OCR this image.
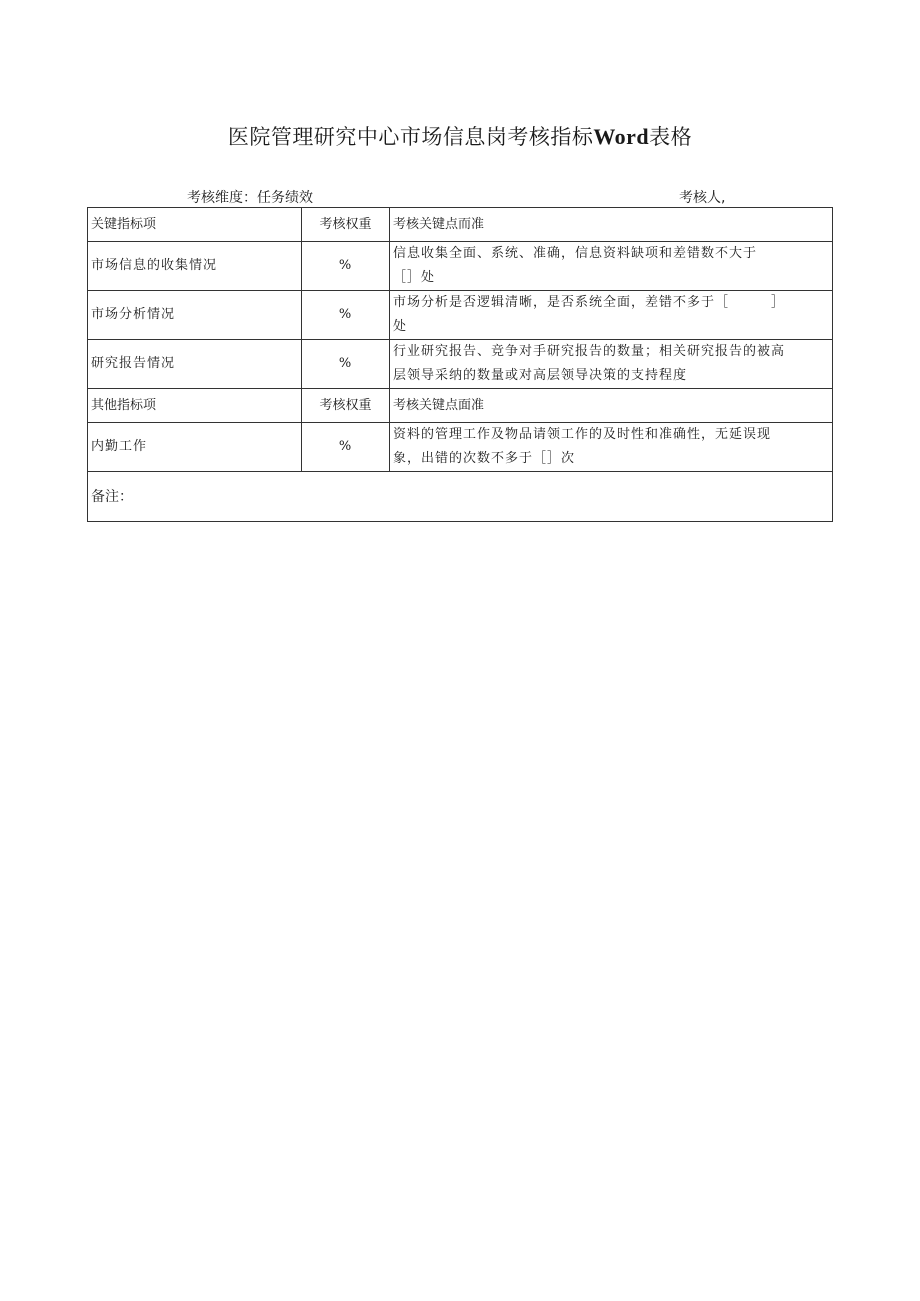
医院管理研究中心市场信息岗考核指标Word表格
考核维度：任务绩效	考核人,
关键指标项	考核权重	考核关键点而准
市场信息的收集情况	%	信息收集全面、系统、准确，信息资料缺项和差错数不大于
［］处

市场分析情况	%	市场分析是否逻辑清晰，是否系统全面，差错不多于［　　　］
处

研究报告情况	%	行业研究报告、竞争对手研究报告的数量；相关研究报告的被高
层领导采纳的数量或对高层领导决策的支持程度

其他指标项	考核权重	考核关键点面准
内勤工作	%	资料的管理工作及物品请领工作的及时性和准确性，无延误现
象，出错的次数不多于［］次

备注：		
